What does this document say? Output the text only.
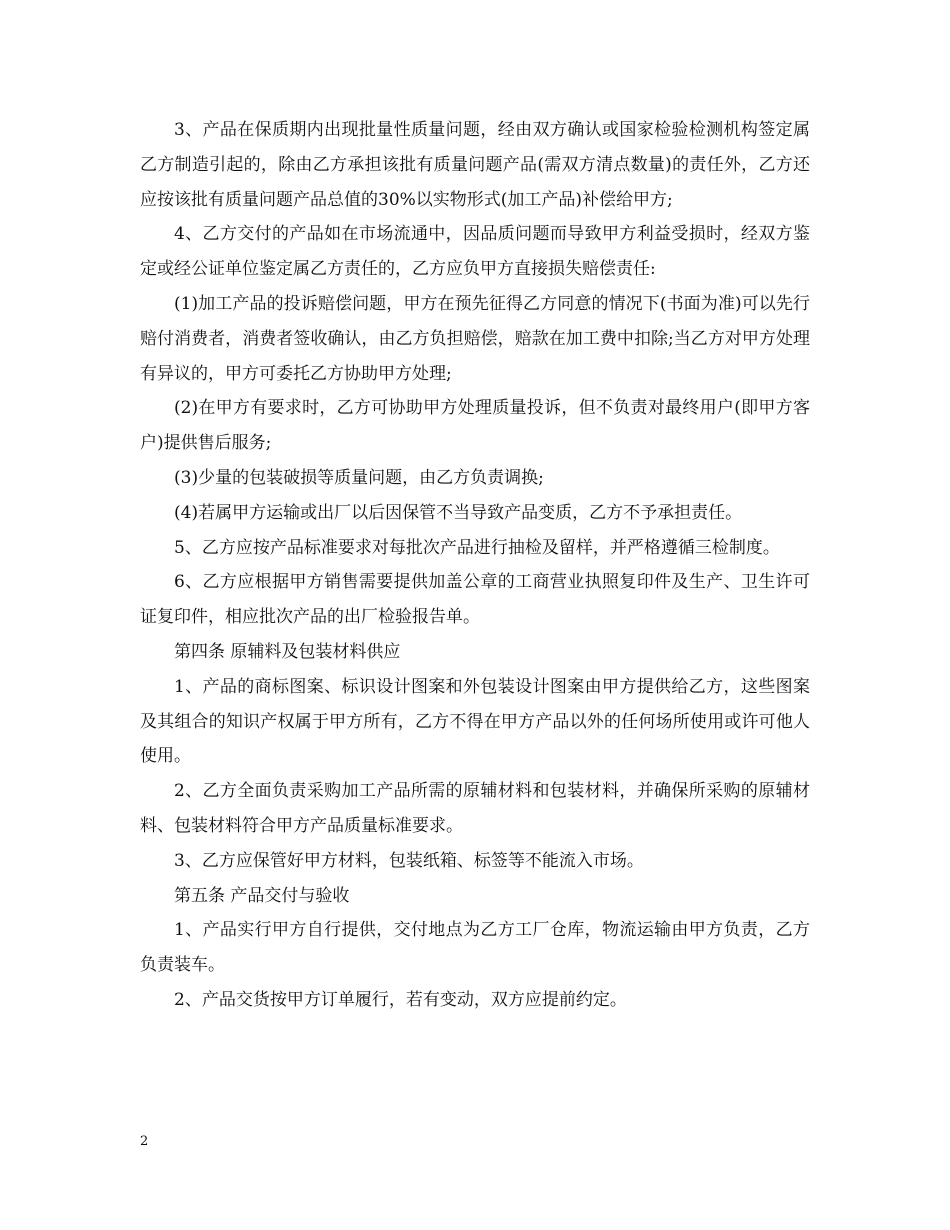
3、产品在保质期内出现批量性质量问题，经由双方确认或国家检验检测机构签定属乙方制造引起的，除由乙方承担该批有质量问题产品(需双方清点数量)的责任外，乙方还应按该批有质量问题产品总值的30%以实物形式(加工产品)补偿给甲方;

4、乙方交付的产品如在市场流通中，因品质问题而导致甲方利益受损时，经双方鉴定或经公证单位鉴定属乙方责任的，乙方应负甲方直接损失赔偿责任:

(1)加工产品的投诉赔偿问题，甲方在预先征得乙方同意的情况下(书面为准)可以先行赔付消费者，消费者签收确认，由乙方负担赔偿，赔款在加工费中扣除;当乙方对甲方处理有异议的，甲方可委托乙方协助甲方处理;

(2)在甲方有要求时，乙方可协助甲方处理质量投诉，但不负责对最终用户(即甲方客户)提供售后服务;

(3)少量的包装破损等质量问题，由乙方负责调换;

(4)若属甲方运输或出厂以后因保管不当导致产品变质，乙方不予承担责任。

5、乙方应按产品标准要求对每批次产品进行抽检及留样，并严格遵循三检制度。

6、乙方应根据甲方销售需要提供加盖公章的工商营业执照复印件及生产、卫生许可证复印件，相应批次产品的出厂检验报告单。

第四条 原辅料及包装材料供应

1、产品的商标图案、标识设计图案和外包装设计图案由甲方提供给乙方，这些图案及其组合的知识产权属于甲方所有，乙方不得在甲方产品以外的任何场所使用或许可他人使用。

2、乙方全面负责采购加工产品所需的原辅材料和包装材料，并确保所采购的原辅材料、包装材料符合甲方产品质量标准要求。

3、乙方应保管好甲方材料，包装纸箱、标签等不能流入市场。

第五条 产品交付与验收

1、产品实行甲方自行提供，交付地点为乙方工厂仓库，物流运输由甲方负责，乙方负责装车。

2、产品交货按甲方订单履行，若有变动，双方应提前约定。

2
